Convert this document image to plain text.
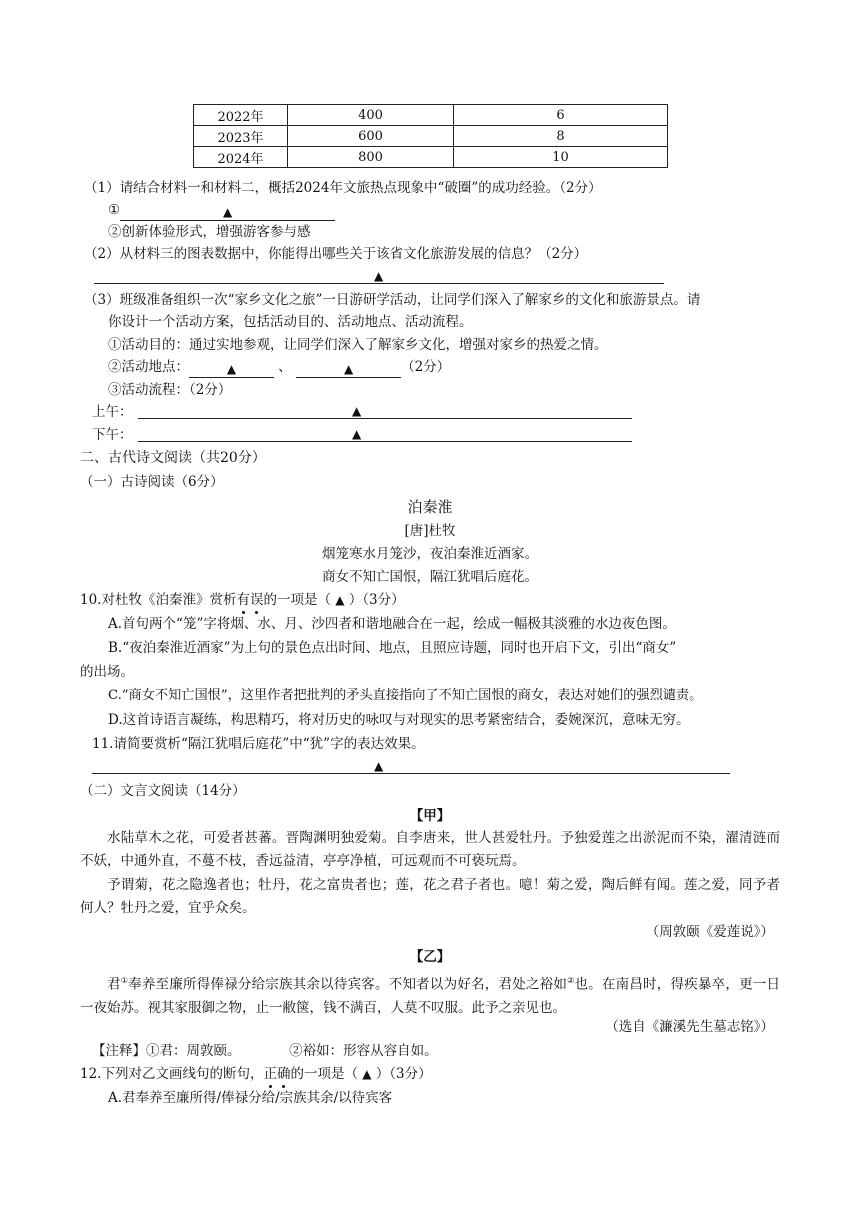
2022年	400	6
2023年	600	8
2024年	800	10
（1）请结合材料一和材料二，概括2024年文旅热点现象中“破圈”的成功经验。（2分）
①	▲
②创新体验形式，增强游客参与感
（2）从材料三的图表数据中，你能得出哪些关于该省文化旅游发展的信息？（2分）
▲
（3）班级准备组织一次“家乡文化之旅”一日游研学活动，让同学们深入了解家乡的文化和旅游景点。请
你设计一个活动方案，包括活动目的、活动地点、活动流程。
①活动目的：通过实地参观，让同学们深入了解家乡文化，增强对家乡的热爱之情。
②活动地点：	▲	、	▲	（2分）
③活动流程：（2分）
上午：	▲
下午：	▲
二、古代诗文阅读（共20分）
（一）古诗阅读（6分）
泊秦淮
[唐]杜牧
烟笼寒水月笼沙，夜泊秦淮近酒家。
商女不知亡国恨，隔江犹唱后庭花。
10.对杜牧《泊秦淮》赏析有误的一项是（ ▲ ）（3分）
A.首句两个“笼”字将烟、水、月、沙四者和谐地融合在一起，绘成一幅极其淡雅的水边夜色图。
B.“夜泊秦淮近酒家”为上句的景色点出时间、地点，且照应诗题，同时也开启下文，引出“商女”
的出场。
C.“商女不知亡国恨”，这里作者把批判的矛头直接指向了不知亡国恨的商女，表达对她们的强烈谴责。
D.这首诗语言凝练，构思精巧，将对历史的咏叹与对现实的思考紧密结合，委婉深沉，意味无穷。
11.请简要赏析“隔江犹唱后庭花”中“犹”字的表达效果。
▲
（二）文言文阅读（14分）
【甲】
水陆草木之花，可爱者甚蕃。晋陶渊明独爱菊。自李唐来，世人甚爱牡丹。予独爱莲之出淤泥而不染，濯清涟而不妖，中通外直，不蔓不枝，香远益清，亭亭净植，可远观而不可亵玩焉。
予谓菊，花之隐逸者也；牡丹，花之富贵者也；莲，花之君子者也。噫！菊之爱，陶后鲜有闻。莲之爱，同予者何人？牡丹之爱，宜乎众矣。
（周敦颐《爱莲说》）
【乙】
君①奉养至廉所得俸禄分给宗族其余以待宾客。不知者以为好名，君处之裕如②也。在南昌时，得疾暴卒，更一日一夜始苏。视其家服御之物，止一敝箧，钱不满百，人莫不叹服。此予之亲见也。
（选自《濂溪先生墓志铭》）
【注释】①君：周敦颐。	②裕如：形容从容自如。
12.下列对乙文画线句的断句，正确的一项是（ ▲ ）（3分）
A.君奉养至廉所得/俸禄分给/宗族其余/以待宾客
